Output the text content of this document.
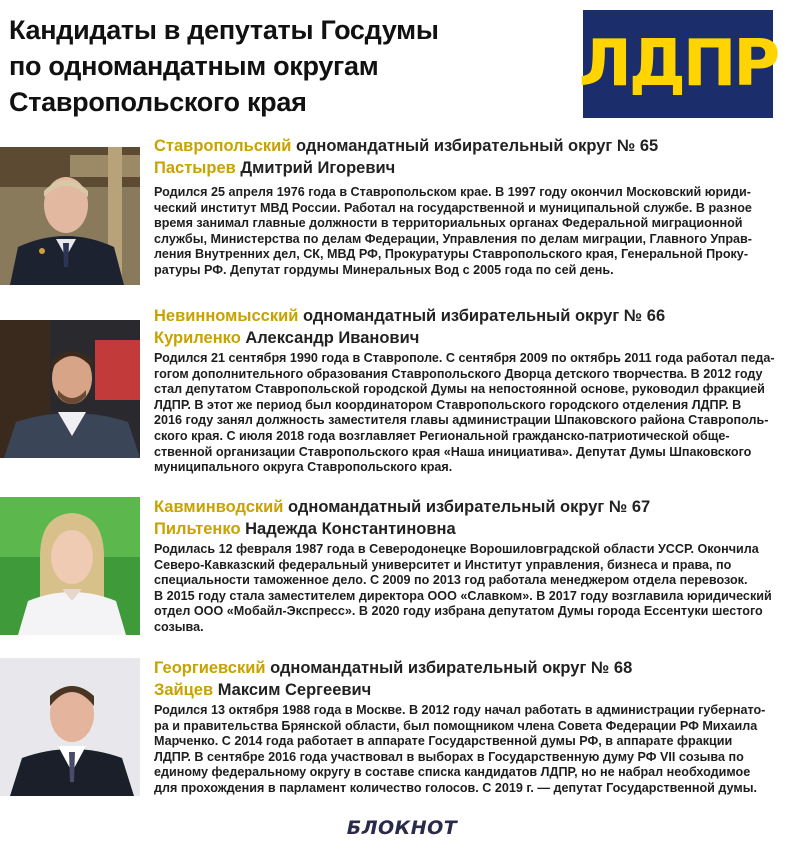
Кандидаты в депутаты Госдумы
по одномандатным округам
Ставропольского края
ЛДПР
Ставропольский одномандатный избирательный округ № 65
Пастырев Дмитрий Игоревич
Родился 25 апреля 1976 года в Ставропольском крае. В 1997 году окончил Московский юриди-
ческий институт МВД России. Работал на государственной и муниципальной службе. В разное
время занимал главные должности в территориальных органах Федеральной миграционной
службы, Министерства по делам Федерации, Управления по делам миграции, Главного Управ-
ления Внутренних дел, СК, МВД РФ, Прокуратуры Ставропольского края, Генеральной Проку-
ратуры РФ. Депутат гордумы Минеральных Вод с 2005 года по сей день.
Невинномысский одномандатный избирательный округ № 66
Куриленко Александр Иванович
Родился 21 сентября 1990 года в Ставрополе. С сентября 2009 по октябрь 2011 года работал педа-
гогом дополнительного образования Ставропольского Дворца детского творчества. В 2012 году
стал депутатом Ставропольской городской Думы на непостоянной основе, руководил фракцией
ЛДПР. В этот же период был координатором Ставропольского городского отделения ЛДПР. В
2016 году занял должность заместителя главы администрации Шпаковского района Ставрополь-
ского края. С июля 2018 года возглавляет Региональной гражданско-патриотической обще-
ственной организации Ставропольского края «Наша инициатива». Депутат Думы Шпаковского
муниципального округа Ставропольского края.
Кавминводский одномандатный избирательный округ № 67
Пильтенко Надежда Константиновна
Родилась 12 февраля 1987 года в Северодонецке Ворошиловградской области УССР. Окончила
Северо-Кавказский федеральный университет и Институт управления, бизнеса и права, по
специальности таможенное дело. С 2009 по 2013 год работала менеджером отдела перевозок.
В 2015 году стала заместителем директора ООО «Славком». В 2017 году возглавила юридический
отдел ООО «Мобайл-Экспресс». В 2020 году избрана депутатом Думы города Ессентуки шестого
созыва.
Георгиевский одномандатный избирательный округ № 68
Зайцев Максим Сергеевич
Родился 13 октября 1988 года в Москве. В 2012 году начал работать в администрации губернато-
ра и правительства Брянской области, был помощником члена Совета Федерации РФ Михаила
Марченко. С 2014 года работает в аппарате Государственной думы РФ, в аппарате фракции
ЛДПР. В сентябре 2016 года участвовал в выборах в Государственную думу РФ VII созыва по
единому федеральному округу в составе списка кандидатов ЛДПР, но не набрал необходимое
для прохождения в парламент количество голосов. С 2019 г. — депутат Государственной думы.
БЛОКНОТ
